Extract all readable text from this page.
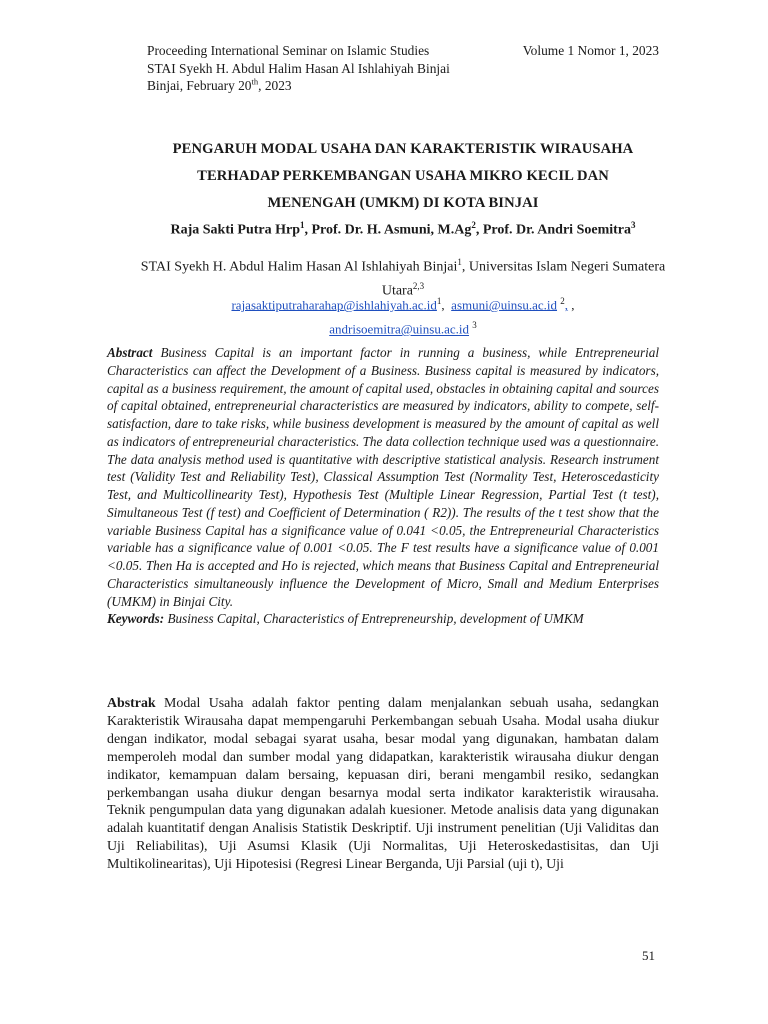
Proceeding International Seminar on Islamic Studies	Volume 1 Nomor 1, 2023
STAI Syekh H. Abdul Halim Hasan Al Ishlahiyah Binjai
Binjai, February 20th, 2023
PENGARUH MODAL USAHA DAN KARAKTERISTIK WIRAUSAHA
TERHADAP PERKEMBANGAN USAHA MIKRO KECIL DAN
MENENGAH (UMKM) DI KOTA BINJAI
Raja Sakti Putra Hrp$^1$, Prof. Dr. H. Asmuni, M.Ag$^2$, Prof. Dr. Andri Soemitra$^3$
STAI Syekh H. Abdul Halim Hasan Al Ishlahiyah Binjai$^1$, Universitas Islam Negeri Sumatera Utara$^{2,3}$
$rajasaktiputraharahap@ishlahiyah.ac.id^1$,  asmuni@uinsu.ac.id $^2$, ,
andrisoemitra@uinsu.ac.id $^3$
Abstract Business Capital is an important factor in running a business, while Entrepreneurial Characteristics can affect the Development of a Business. Business capital is measured by indicators, capital as a business requirement, the amount of capital used, obstacles in obtaining capital and sources of capital obtained, entrepreneurial characteristics are measured by indicators, ability to compete, self-satisfaction, dare to take risks, while business development is measured by the amount of capital as well as indicators of entrepreneurial characteristics. The data collection technique used was a questionnaire. The data analysis method used is quantitative with descriptive statistical analysis. Research instrument test (Validity Test and Reliability Test), Classical Assumption Test (Normality Test, Heteroscedasticity Test, and Multicollinearity Test), Hypothesis Test (Multiple Linear Regression, Partial Test (t test), Simultaneous Test (f test) and Coefficient of Determination ( R2)). The results of the t test show that the variable Business Capital has a significance value of 0.041 <0.05, the Entrepreneurial Characteristics variable has a significance value of 0.001 <0.05. The F test results have a significance value of 0.001 <0.05. Then Ha is accepted and Ho is rejected, which means that Business Capital and Entrepreneurial Characteristics simultaneously influence the Development of Micro, Small and Medium Enterprises (UMKM) in Binjai City.
Keywords: Business Capital, Characteristics of Entrepreneurship, development of UMKM
Abstrak Modal Usaha adalah faktor penting dalam menjalankan sebuah usaha, sedangkan Karakteristik Wirausaha dapat mempengaruhi Perkembangan sebuah Usaha. Modal usaha diukur dengan indikator, modal sebagai syarat usaha, besar modal yang digunakan, hambatan dalam memperoleh modal dan sumber modal yang didapatkan, karakteristik wirausaha diukur dengan indikator, kemampuan dalam bersaing, kepuasan diri, berani mengambil resiko, sedangkan perkembangan usaha diukur dengan besarnya modal serta indikator karakteristik wirausaha. Teknik pengumpulan data yang digunakan adalah kuesioner. Metode analisis data yang digunakan adalah kuantitatif dengan Analisis Statistik Deskriptif. Uji instrument penelitian (Uji Validitas dan Uji Reliabilitas), Uji Asumsi Klasik (Uji Normalitas, Uji Heteroskedastisitas, dan Uji Multikolinearitas), Uji Hipotesisi (Regresi Linear Berganda, Uji Parsial (uji t), Uji
51
